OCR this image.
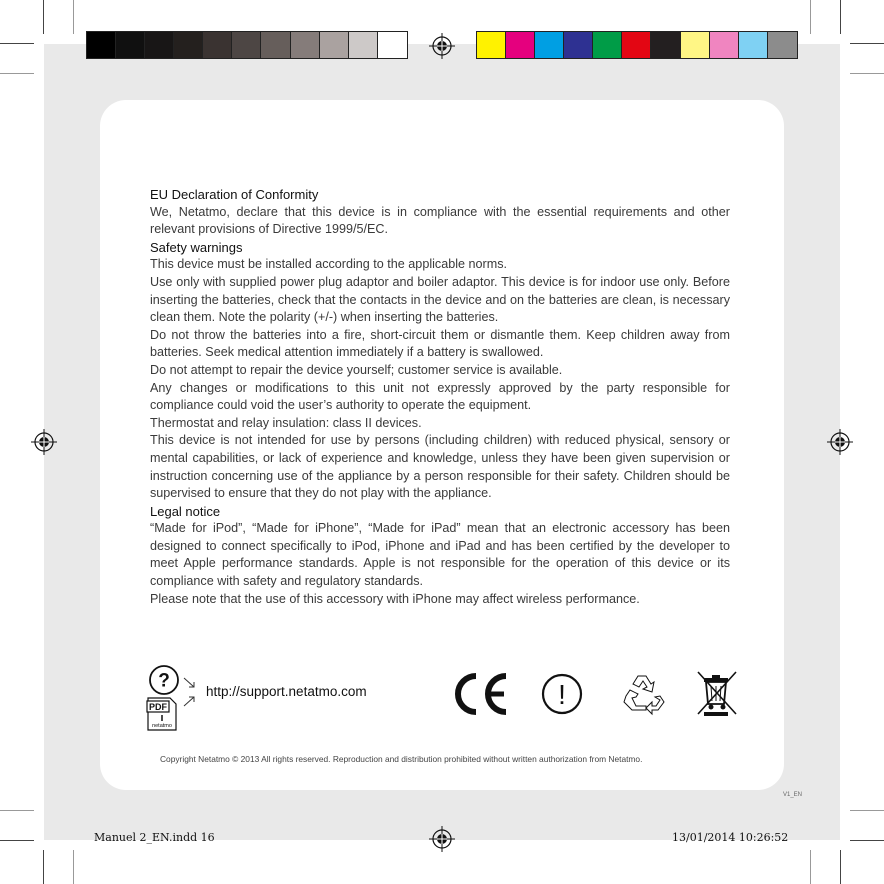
EU Declaration of Conformity

We, Netatmo, declare that this device is in compliance with the essential requirements and other relevant provisions of Directive 1999/5/EC.

Safety warnings

This device must be installed according to the applicable norms.

Use only with supplied power plug adaptor and boiler adaptor. This device is for indoor use only. Before inserting the batteries, check that the contacts in the device and on the batteries are clean, is necessary clean them. Note the polarity (+/-) when inserting the batteries.

Do not throw the batteries into a fire, short-circuit them or dismantle them. Keep children away from batteries. Seek medical attention immediately if a battery is swallowed.

Do not attempt to repair the device yourself; customer service is available.

Any changes or modifications to this unit not expressly approved by the party responsible for compliance could void the user’s authority to operate the equipment.

Thermostat and relay insulation: class II devices.

This device is not intended for use by persons (including children) with reduced physical, sensory or mental capabilities, or lack of experience and knowledge, unless they have been given supervision or instruction concerning use of the appliance by a person responsible for their safety. Children should be supervised to ensure that they do not play with the appliance.

Legal notice

“Made for iPod”, “Made for iPhone”, “Made for iPad” mean that an electronic accessory has been designed to connect specifically to iPod, iPhone and iPad and has been certified by the developer to meet Apple performance standards. Apple is not responsible for the operation of this device or its compliance with safety and regulatory standards.

Please note that the use of this accessory with iPhone may affect wireless performance.

?
PDF
netatmo
http://support.netatmo.com	CE	!
Copyright Netatmo © 2013 All rights reserved. Reproduction and distribution prohibited without written authorization from Netatmo.
V1_EN
Manuel 2_EN.indd 16	13/01/2014 10:26:52
